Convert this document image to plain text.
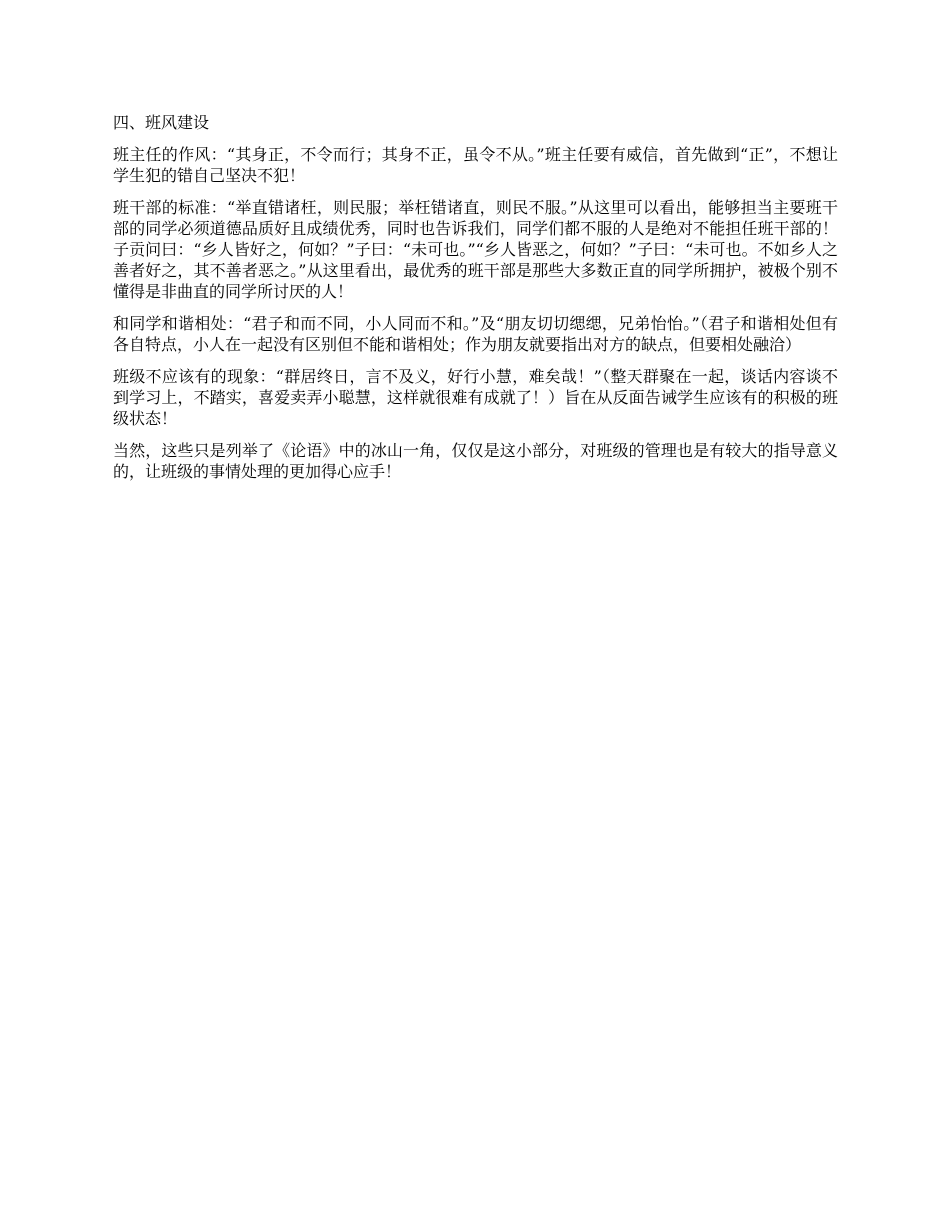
四、班风建设

班主任的作风：“其身正，不令而行；其身不正，虽令不从。”班主任要有威信，首先做到“正”，不想让学生犯的错自己坚决不犯！

班干部的标准：“举直错诸枉，则民服；举枉错诸直，则民不服。”从这里可以看出，能够担当主要班干部的同学必须道德品质好且成绩优秀，同时也告诉我们，同学们都不服的人是绝对不能担任班干部的！子贡问曰：“乡人皆好之，何如？”子曰：“未可也。”“乡人皆恶之，何如？”子曰：“未可也。不如乡人之善者好之，其不善者恶之。”从这里看出，最优秀的班干部是那些大多数正直的同学所拥护，被极个别不懂得是非曲直的同学所讨厌的人！

和同学和谐相处：“君子和而不同，小人同而不和。”及“朋友切切缌缌，兄弟怡怡。”（君子和谐相处但有各自特点，小人在一起没有区别但不能和谐相处；作为朋友就要指出对方的缺点，但要相处融洽）

班级不应该有的现象：“群居终日，言不及义，好行小慧，难矣哉！”（整天群聚在一起，谈话内容谈不到学习上，不踏实，喜爱卖弄小聪慧，这样就很难有成就了！）旨在从反面告诫学生应该有的积极的班级状态！

当然，这些只是列举了《论语》中的冰山一角，仅仅是这小部分，对班级的管理也是有较大的指导意义的，让班级的事情处理的更加得心应手！
